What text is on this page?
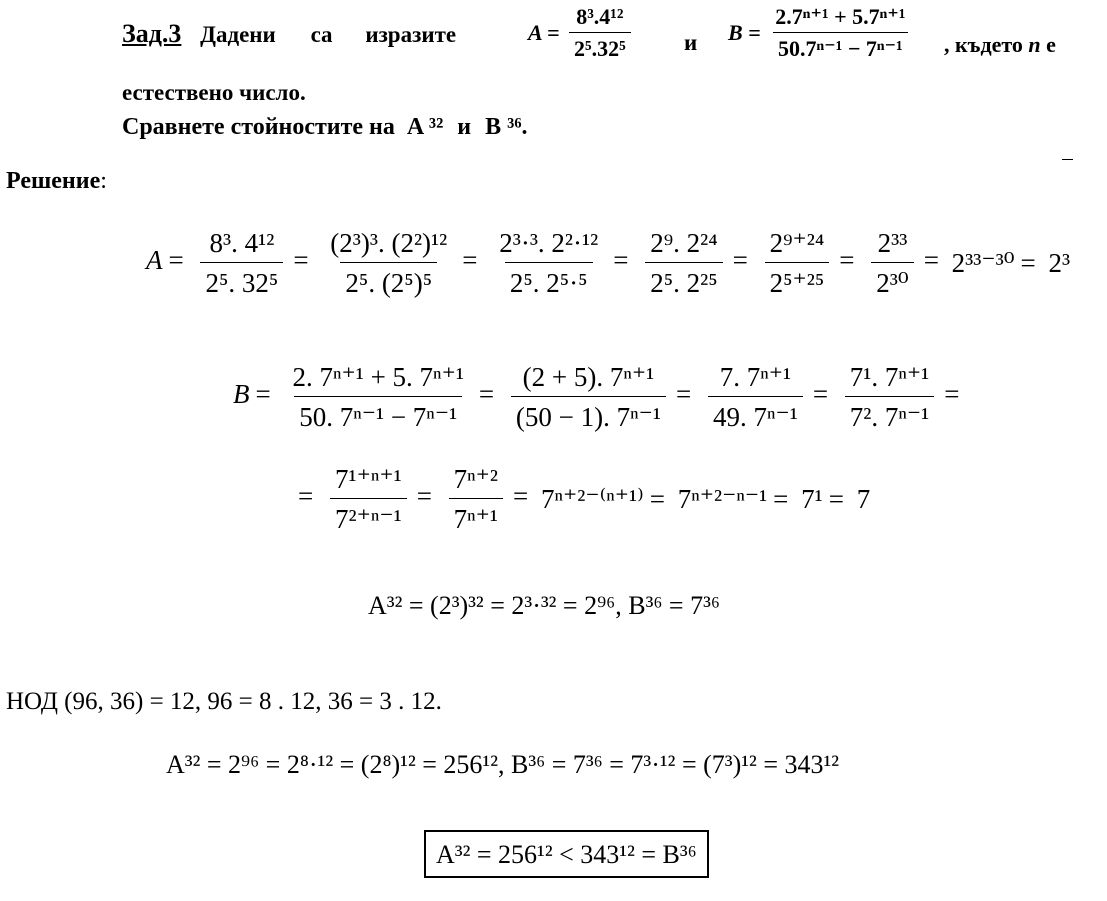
Зад.3 Дадени са изразите	$A = \frac{\text{8³.4¹²}}{\text{2⁵.32⁵}}$ и $B = \frac{\text{2.7ⁿ⁺¹ + 5.7ⁿ⁺¹}}{\text{50.7ⁿ⁻¹ − 7ⁿ⁻¹}}$ , където n е
естествено число.
Сравнете стойностите на A ³² и B ³⁶.
Решение:
$A = \frac{\text{8³. 4¹²}}{\text{2⁵. 32⁵}} = \frac{\text{(2³)³. (2²)¹²}}{\text{2⁵. (2⁵)⁵}} = \frac{\text{2³·³. 2²·¹²}}{\text{2⁵. 2⁵·⁵}} = \frac{\text{2⁹. 2²⁴}}{\text{2⁵. 2²⁵}} = \frac{\text{2⁹⁺²⁴}}{\text{2⁵⁺²⁵}} = \frac{\text{2³³}}{\text{2³⁰}} = 2^{33-30} = 2^3$
$B = \frac{\text{2. 7ⁿ⁺¹ + 5. 7ⁿ⁺¹}}{\text{50. 7ⁿ⁻¹ − 7ⁿ⁻¹}} = \frac{\text{(2 + 5). 7ⁿ⁺¹}}{\text{(50 − 1). 7ⁿ⁻¹}} = \frac{\text{7. 7ⁿ⁺¹}}{\text{49. 7ⁿ⁻¹}} = \frac{\text{7¹. 7ⁿ⁺¹}}{\text{7². 7ⁿ⁻¹}}$ =
= $\frac{\text{7¹⁺ⁿ⁺¹}}{\text{7²⁺ⁿ⁻¹}} = \frac{\text{7ⁿ⁺²}}{\text{7ⁿ⁺¹}} = 7^{n+2-(n+1)} = 7^{n+2-n-1} = 7^1 = 7$
A³² = (2³)³² = 2³·³² = 2⁹⁶, B³⁶ = 7³⁶
НОД (96, 36) = 12, 96 = 8 . 12, 36 = 3 . 12.
A³² = 2⁹⁶ = 2⁸·¹² = (2⁸)¹² = 256¹², B³⁶ = 7³⁶ = 7³·¹² = (7³)¹² = 343¹²
A³² = 256¹² < 343¹² = B³⁶
